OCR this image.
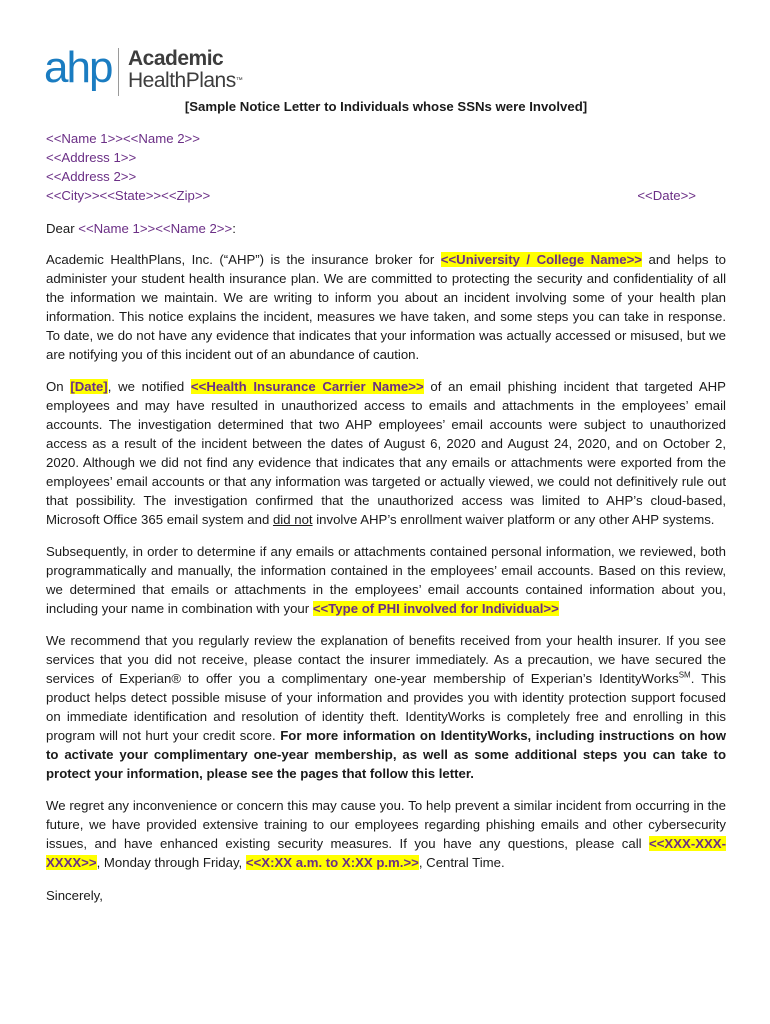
ahp Academic
HealthPlans™
[Sample Notice Letter to Individuals whose SSNs were Involved]
<<Name 1>><<Name 2>>
<<Address 1>>
<<Address 2>>
<<City>><<State>><<Zip>>	<<Date>>
Dear <<Name 1>><<Name 2>>:

Academic HealthPlans, Inc. (“AHP”) is the insurance broker for <<University / College Name>> and helps to administer your student health insurance plan. We are committed to protecting the security and confidentiality of all the information we maintain. We are writing to inform you about an incident involving some of your health plan information. This notice explains the incident, measures we have taken, and some steps you can take in response. To date, we do not have any evidence that indicates that your information was actually accessed or misused, but we are notifying you of this incident out of an abundance of caution.

On [Date], we notified <<Health Insurance Carrier Name>> of an email phishing incident that targeted AHP employees and may have resulted in unauthorized access to emails and attachments in the employees’ email accounts. The investigation determined that two AHP employees’ email accounts were subject to unauthorized access as a result of the incident between the dates of August 6, 2020 and August 24, 2020, and on October 2, 2020. Although we did not find any evidence that indicates that any emails or attachments were exported from the employees’ email accounts or that any information was targeted or actually viewed, we could not definitively rule out that possibility. The investigation confirmed that the unauthorized access was limited to AHP’s cloud-based, Microsoft Office 365 email system and did not involve AHP’s enrollment waiver platform or any other AHP systems.

Subsequently, in order to determine if any emails or attachments contained personal information, we reviewed, both programmatically and manually, the information contained in the employees’ email accounts. Based on this review, we determined that emails or attachments in the employees’ email accounts contained information about you, including your name in combination with your <<Type of PHI involved for Individual>>

We recommend that you regularly review the explanation of benefits received from your health insurer. If you see services that you did not receive, please contact the insurer immediately. As a precaution, we have secured the services of Experian® to offer you a complimentary one-year membership of Experian’s IdentityWorks℠. This product helps detect possible misuse of your information and provides you with identity protection support focused on immediate identification and resolution of identity theft. IdentityWorks is completely free and enrolling in this program will not hurt your credit score. For more information on IdentityWorks, including instructions on how to activate your complimentary one-year membership, as well as some additional steps you can take to protect your information, please see the pages that follow this letter.

We regret any inconvenience or concern this may cause you. To help prevent a similar incident from occurring in the future, we have provided extensive training to our employees regarding phishing emails and other cybersecurity issues, and have enhanced existing security measures. If you have any questions, please call <<XXX-XXX-XXXX>>, Monday through Friday, <<X:XX a.m. to X:XX p.m.>>, Central Time.

Sincerely,
